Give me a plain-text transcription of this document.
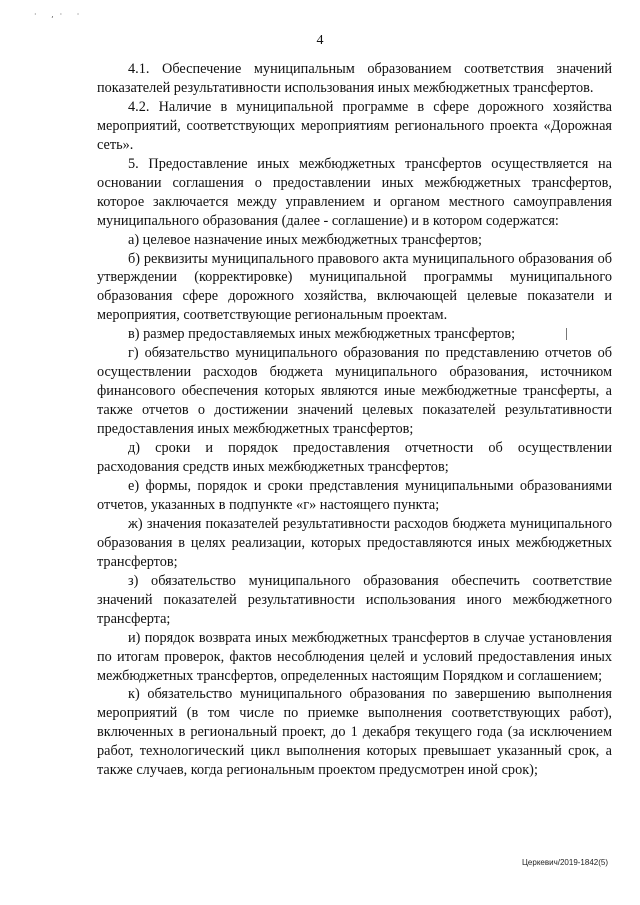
· ,· ·
4

4.1. Обеспечение муниципальным образованием соответствия значений показателей результативности использования иных межбюджетных трансфертов.

4.2. Наличие в муниципальной программе в сфере дорожного хозяйства мероприятий, соответствующих мероприятиям регионального проекта «Дорожная сеть».

5. Предоставление иных межбюджетных трансфертов осуществляется на основании соглашения о предоставлении иных межбюджетных трансфертов, которое заключается между управлением и органом местного самоуправления муниципального образования (далее - соглашение) и в котором содержатся:

а) целевое назначение иных межбюджетных трансфертов;

б) реквизиты муниципального правового акта муниципального образования об утверждении (корректировке) муниципальной программы муниципального образования сфере дорожного хозяйства, включающей целевые показатели и мероприятия, соответствующие региональным проектам.

в) размер предоставляемых иных межбюджетных трансфертов;

г) обязательство муниципального образования по представлению отчетов об осуществлении расходов бюджета муниципального образования, источником финансового обеспечения которых являются иные межбюджетные трансферты, а также отчетов о достижении значений целевых показателей результативности предоставления иных межбюджетных трансфертов;

д) сроки и порядок предоставления отчетности об осуществлении расходования средств иных межбюджетных трансфертов;

е) формы, порядок и сроки представления муниципальными образованиями отчетов, указанных в подпункте «г» настоящего пункта;

ж) значения показателей результативности расходов бюджета муниципального образования в целях реализации, которых предоставляются иных межбюджетных трансфертов;

з) обязательство муниципального образования обеспечить соответствие значений показателей результативности использования иного межбюджетного трансферта;

и) порядок возврата иных межбюджетных трансфертов в случае установления по итогам проверок, фактов несоблюдения целей и условий предоставления иных межбюджетных трансфертов, определенных настоящим Порядком и соглашением;

к) обязательство муниципального образования по завершению выполнения мероприятий (в том числе по приемке выполнения соответствующих работ), включенных в региональный проект, до 1 декабря текущего года (за исключением работ, технологический цикл выполнения которых превышает указанный срок, а также случаев, когда региональным проектом предусмотрен иной срок);

Церкевич/2019-1842(5)
